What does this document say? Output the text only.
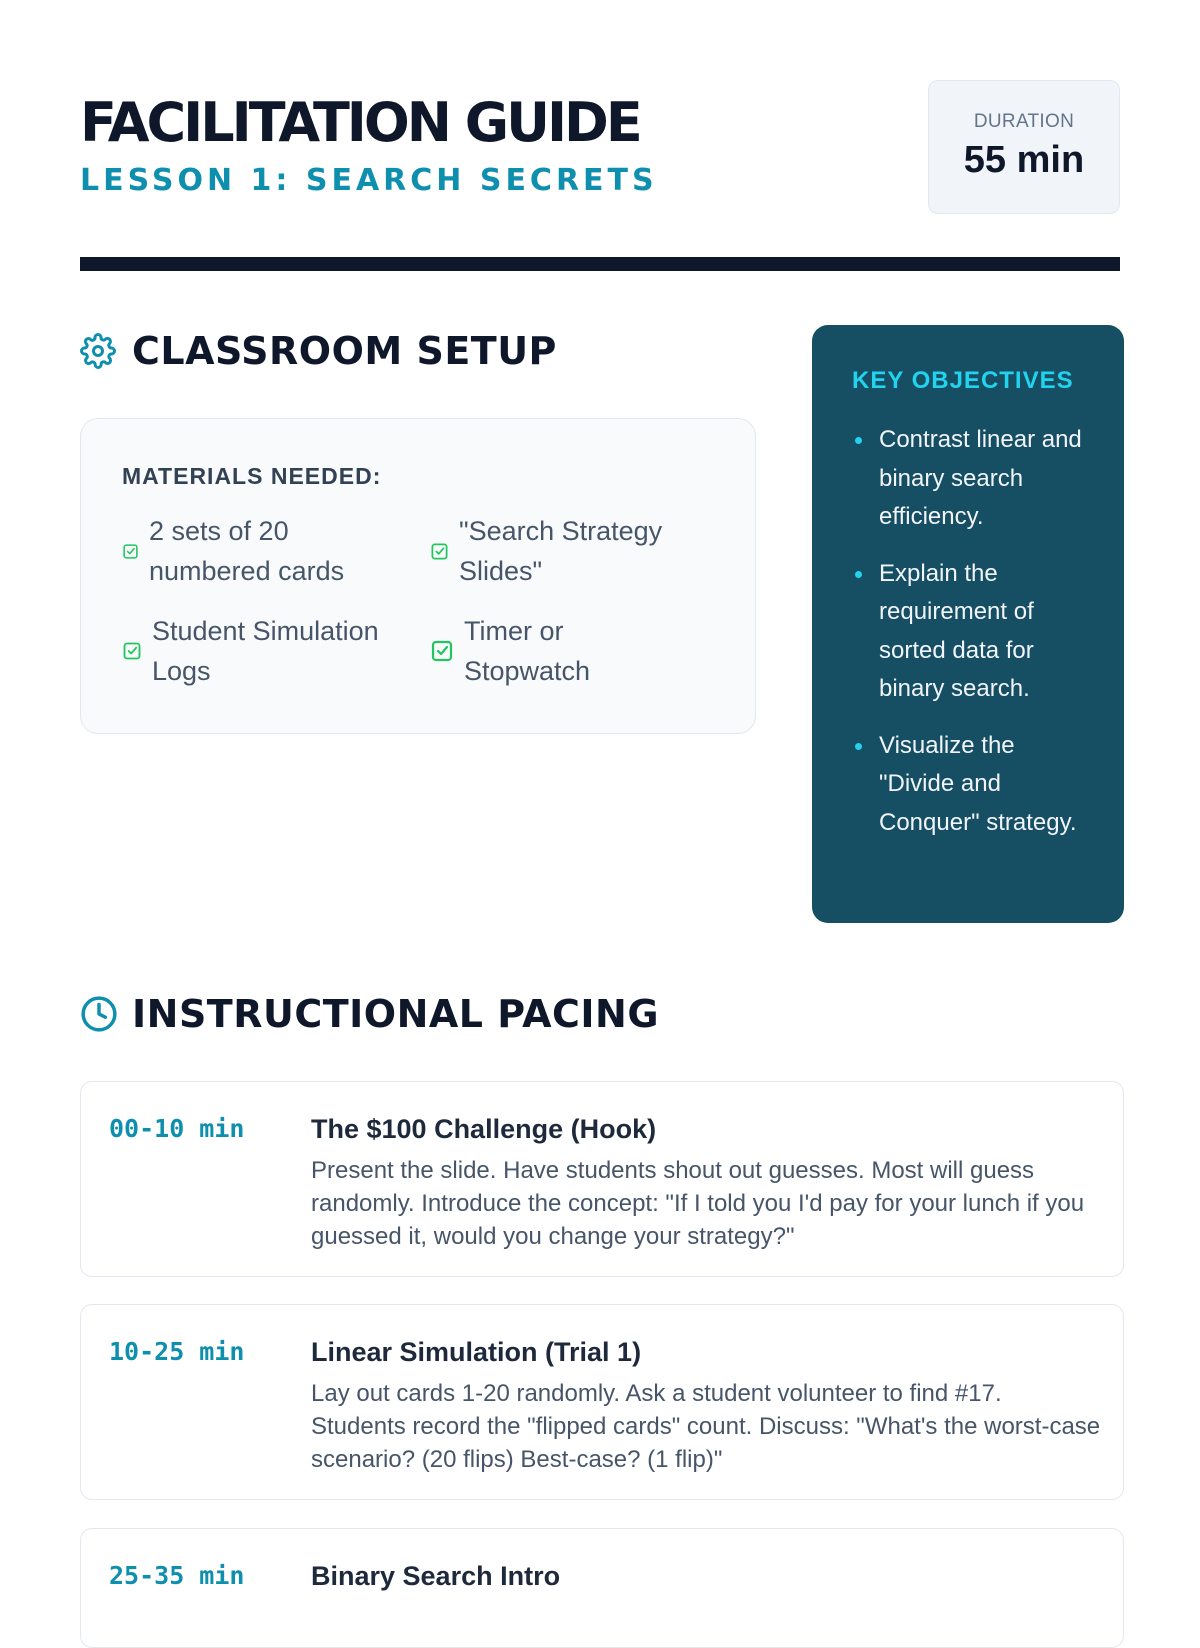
FACILITATION GUIDE
LESSON 1: SEARCH SECRETS
DURATION
55 min
CLASSROOM SETUP
MATERIALS NEEDED:
2 sets of 20
numbered cards
"Search Strategy
Slides"
Student Simulation
Logs
Timer or
Stopwatch
KEY OBJECTIVES
Contrast linear and binary search efficiency.
Explain the requirement of sorted data for binary search.
Visualize the "Divide and Conquer" strategy.
INSTRUCTIONAL PACING
00-10 min The $100 Challenge (Hook)
Present the slide. Have students shout out guesses. Most will guess randomly. Introduce the concept: "If I told you I'd pay for your lunch if you guessed it, would you change your strategy?"
10-25 min Linear Simulation (Trial 1)
Lay out cards 1-20 randomly. Ask a student volunteer to find #17. Students record the "flipped cards" count. Discuss: "What's the worst-case scenario? (20 flips) Best-case? (1 flip)"
25-35 min Binary Search Intro
